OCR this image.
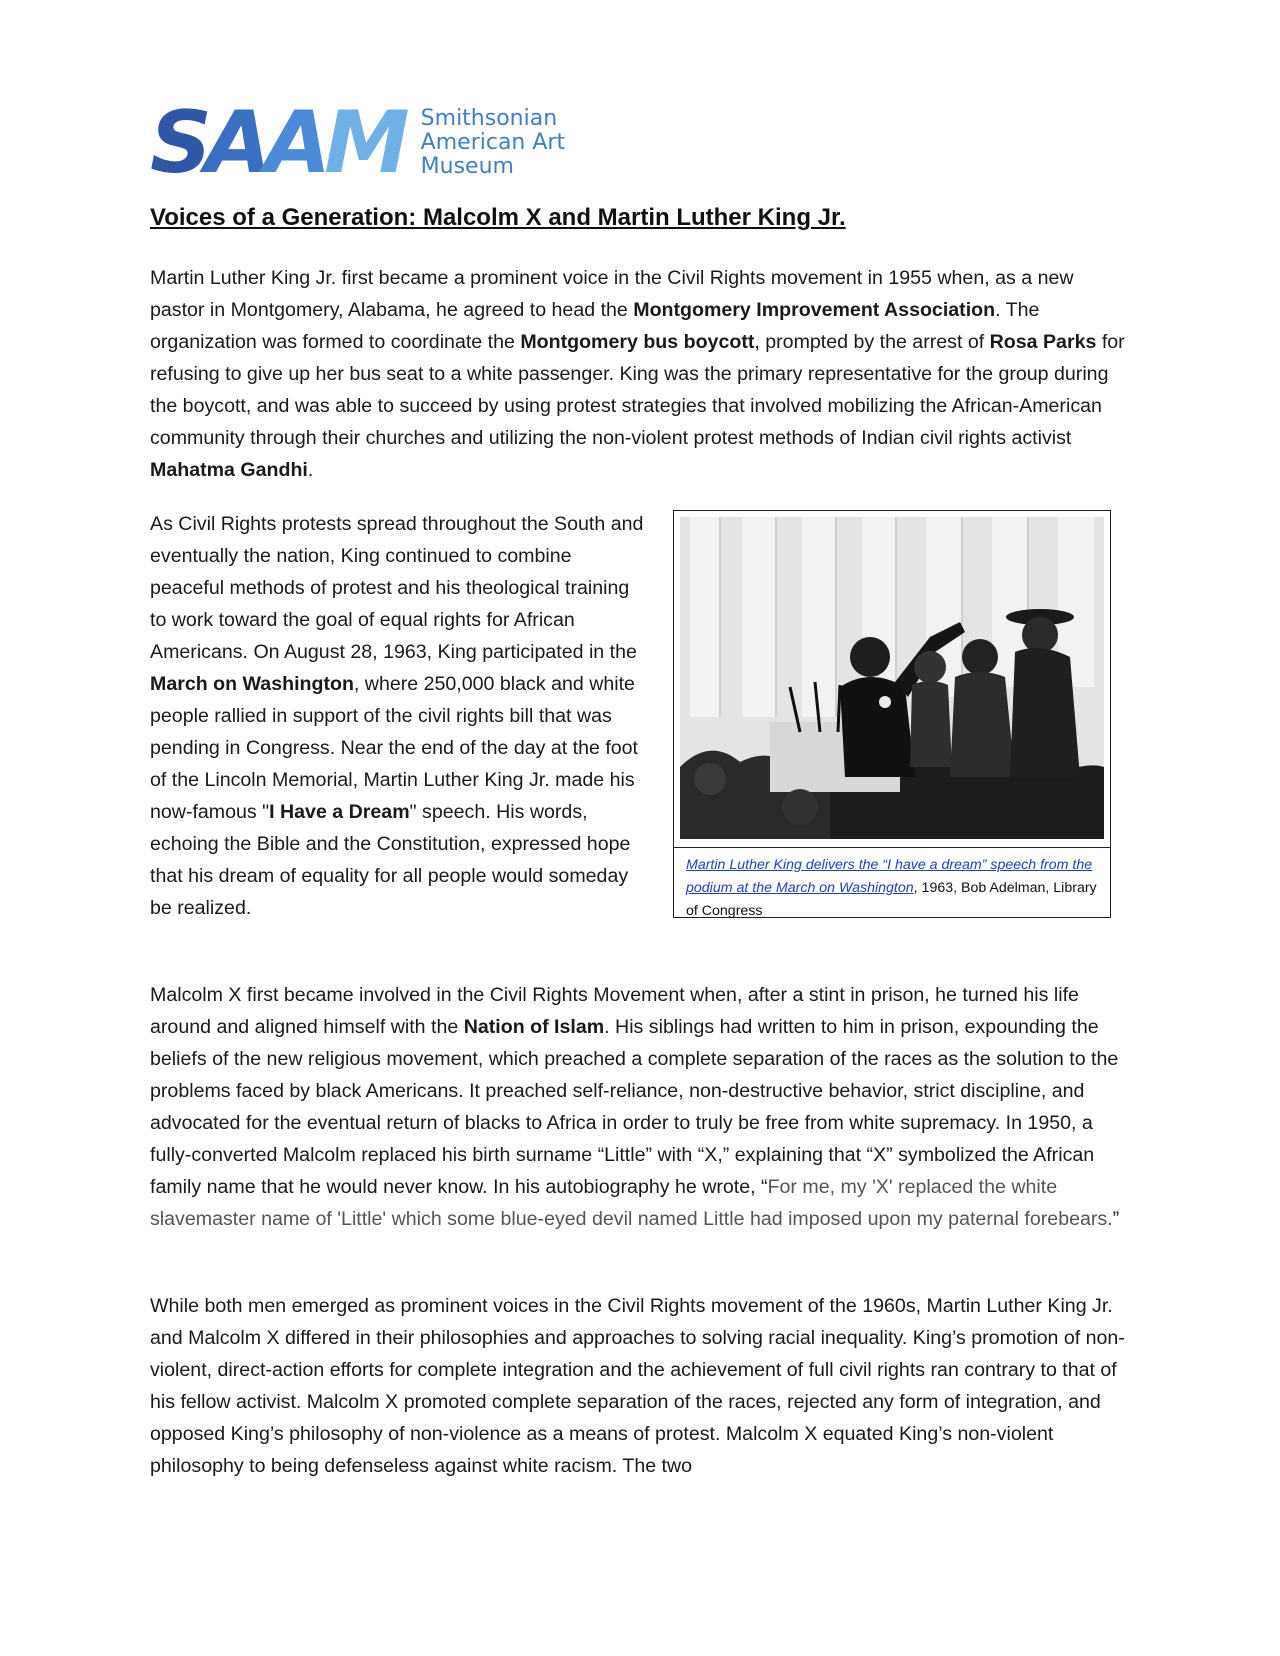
S A A M Smithsonian
American Art
Museum
Voices of a Generation: Malcolm X and Martin Luther King Jr.

Martin Luther King Jr. first became a prominent voice in the Civil Rights movement in 1955 when, as a new pastor in Montgomery, Alabama, he agreed to head the Montgomery Improvement Association. The organization was formed to coordinate the Montgomery bus boycott, prompted by the arrest of Rosa Parks for refusing to give up her bus seat to a white passenger. King was the primary representative for the group during the boycott, and was able to succeed by using protest strategies that involved mobilizing the African-American community through their churches and utilizing the non-violent protest methods of Indian civil rights activist Mahatma Gandhi.

As Civil Rights protests spread throughout the South and eventually the nation, King continued to combine peaceful methods of protest and his theological training to work toward the goal of equal rights for African Americans. On August 28, 1963, King participated in the March on Washington, where 250,000 black and white people rallied in support of the civil rights bill that was pending in Congress. Near the end of the day at the foot of the Lincoln Memorial, Martin Luther King Jr. made his now-famous "I Have a Dream" speech. His words, echoing the Bible and the Constitution, expressed hope that his dream of equality for all people would someday be realized.

Martin Luther King delivers the “I have a dream” speech from the podium at the March on Washington, 1963, Bob Adelman, Library of Congress

Malcolm X first became involved in the Civil Rights Movement when, after a stint in prison, he turned his life around and aligned himself with the Nation of Islam. His siblings had written to him in prison, expounding the beliefs of the new religious movement, which preached a complete separation of the races as the solution to the problems faced by black Americans. It preached self-reliance, non-destructive behavior, strict discipline, and advocated for the eventual return of blacks to Africa in order to truly be free from white supremacy. In 1950, a fully-converted Malcolm replaced his birth surname “Little” with “X,” explaining that “X” symbolized the African family name that he would never know. In his autobiography he wrote, “For me, my 'X' replaced the white slavemaster name of 'Little' which some blue-eyed devil named Little had imposed upon my paternal forebears.”

While both men emerged as prominent voices in the Civil Rights movement of the 1960s, Martin Luther King Jr. and Malcolm X differed in their philosophies and approaches to solving racial inequality. King’s promotion of non-violent, direct-action efforts for complete integration and the achievement of full civil rights ran contrary to that of his fellow activist. Malcolm X promoted complete separation of the races, rejected any form of integration, and opposed King’s philosophy of non-violence as a means of protest. Malcolm X equated King’s non-violent philosophy to being defenseless against white racism. The two
